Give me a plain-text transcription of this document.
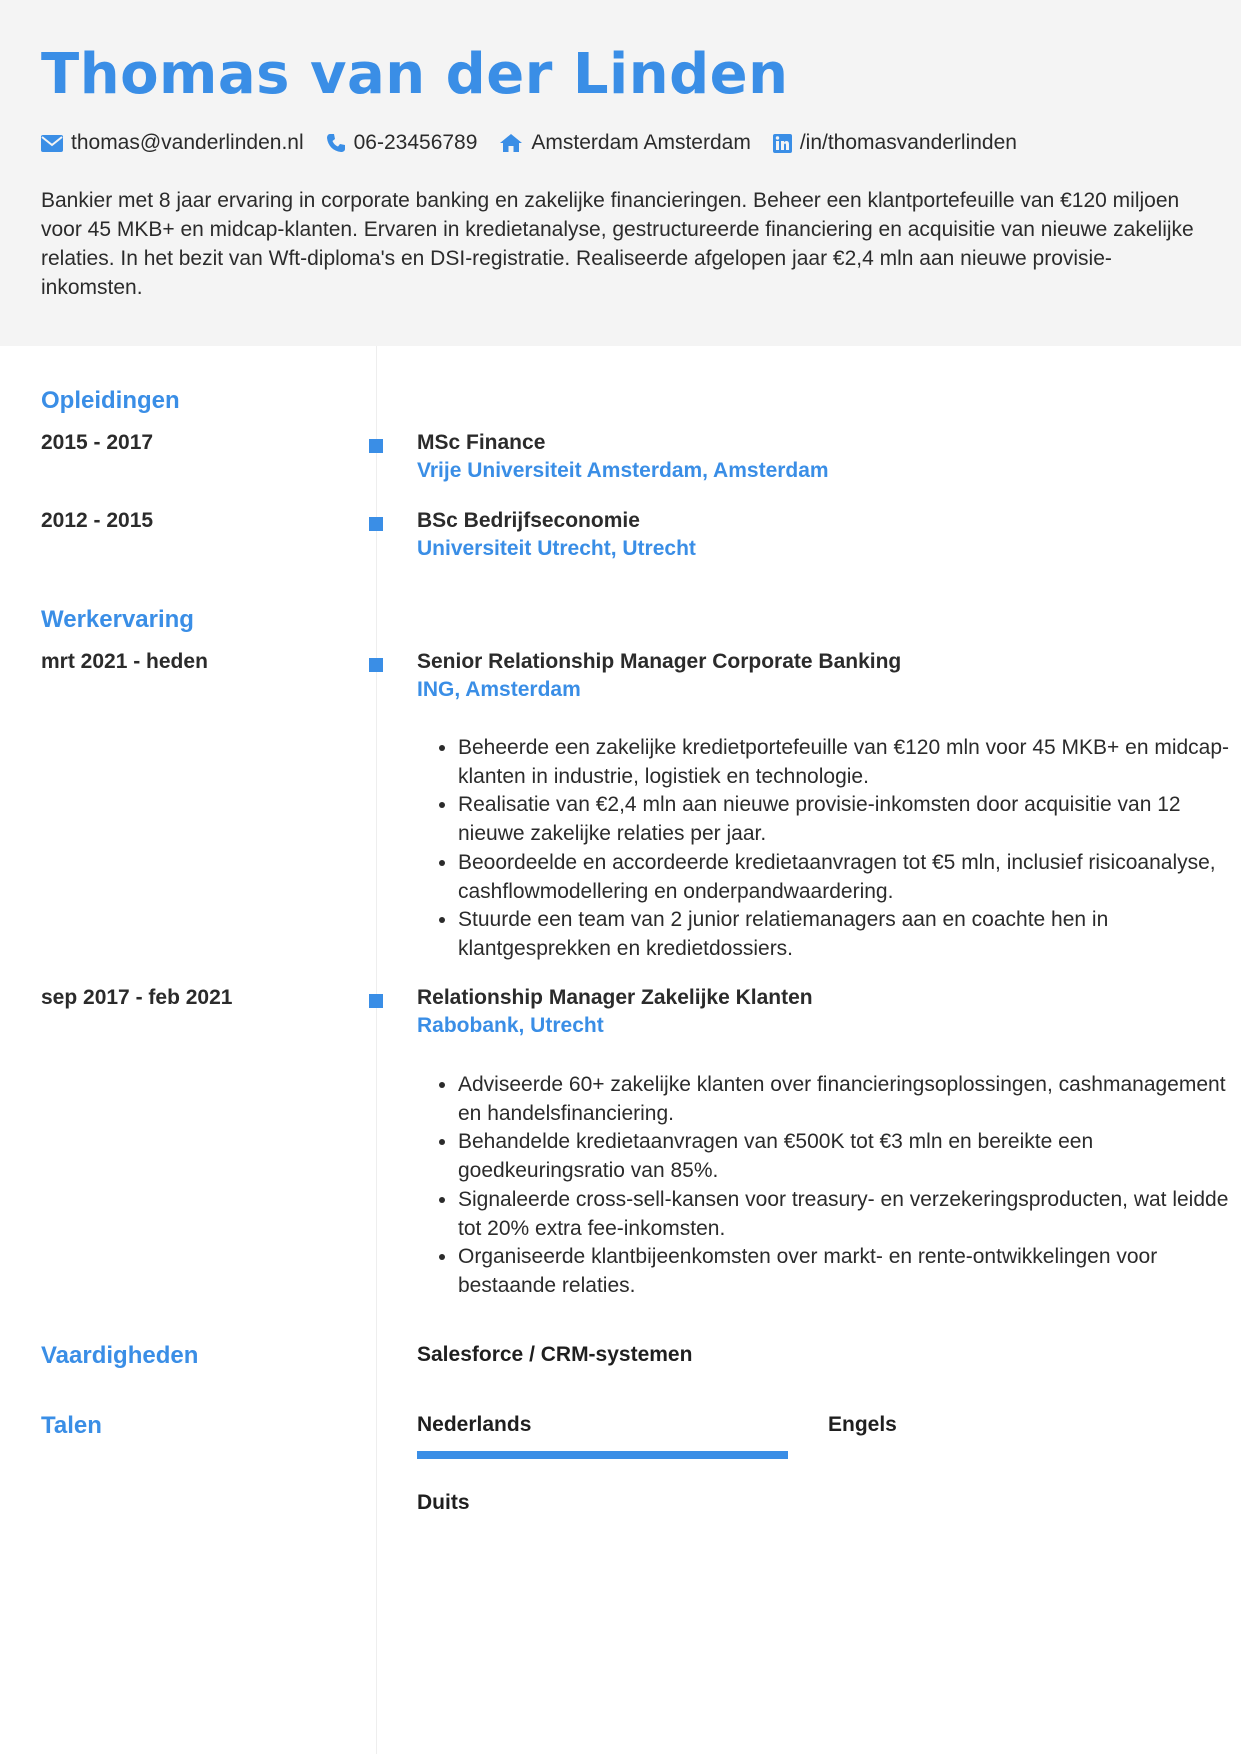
Thomas van der Linden
thomas@vanderlinden.nl 06-23456789	Amsterdam Amsterdam /in/thomasvanderlinden

Bankier met 8 jaar ervaring in corporate banking en zakelijke financieringen. Beheer een klantportefeuille van €120 miljoen voor 45 MKB+ en midcap-klanten. Ervaren in kredietanalyse, gestructureerde financiering en acquisitie van nieuwe zakelijke relaties. In het bezit van Wft-diploma's en DSI-registratie. Realiseerde afgelopen jaar €2,4 mln aan nieuwe provisie-inkomsten.

Opleidingen
2015 - 2017	MSc Finance
Vrije Universiteit Amsterdam, Amsterdam
2012 - 2015	BSc Bedrijfseconomie
Universiteit Utrecht, Utrecht
Werkervaring
mrt 2021 - heden	Senior Relationship Manager Corporate Banking
ING, Amsterdam
• Beheerde een zakelijke kredietportefeuille van €120 mln voor 45 MKB+ en midcap-klanten in industrie, logistiek en technologie.
• Realisatie van €2,4 mln aan nieuwe provisie-inkomsten door acquisitie van 12 nieuwe zakelijke relaties per jaar.
• Beoordeelde en accordeerde kredietaanvragen tot €5 mln, inclusief risicoanalyse, cashflowmodellering en onderpandwaardering.
• Stuurde een team van 2 junior relatiemanagers aan en coachte hen in klantgesprekken en kredietdossiers.
sep 2017 - feb 2021	Relationship Manager Zakelijke Klanten
Rabobank, Utrecht
• Adviseerde 60+ zakelijke klanten over financieringsoplossingen, cashmanagement en handelsfinanciering.
• Behandelde kredietaanvragen van €500K tot €3 mln en bereikte een goedkeuringsratio van 85%.
• Signaleerde cross-sell-kansen voor treasury- en verzekeringsproducten, wat leidde tot 20% extra fee-inkomsten.
• Organiseerde klantbijeenkomsten over markt- en rente-ontwikkelingen voor bestaande relaties.
Vaardigheden	Salesforce / CRM-systemen
Talen	Nederlands	Engels
Duits
